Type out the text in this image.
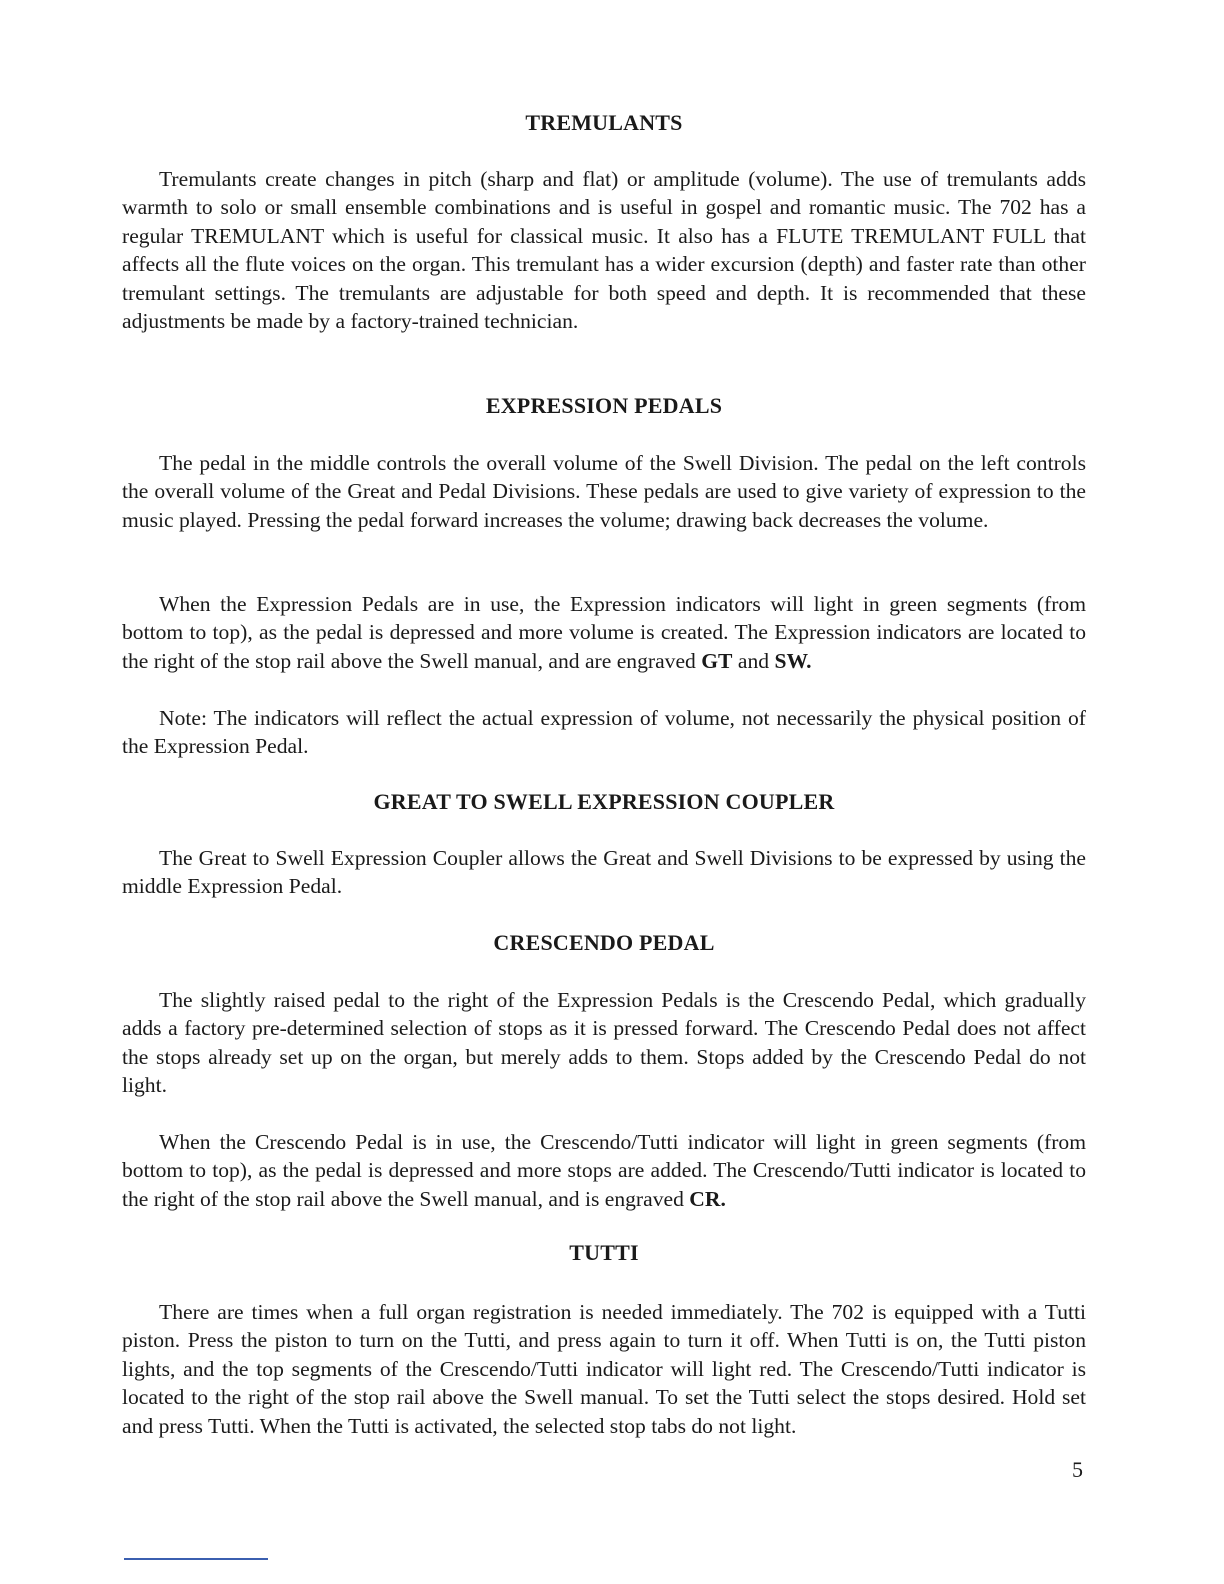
TREMULANTS

Tremulants create changes in pitch (sharp and flat) or amplitude (volume). The use of tremulants adds warmth to solo or small ensemble combinations and is useful in gospel and romantic music. The 702 has a regular TREMULANT which is useful for classical music. It also has a FLUTE TREMULANT FULL that affects all the flute voices on the organ. This tremulant has a wider excursion (depth) and faster rate than other tremulant settings. The tremulants are adjustable for both speed and depth. It is recommended that these adjustments be made by a factory-trained technician.

EXPRESSION PEDALS

The pedal in the middle controls the overall volume of the Swell Division. The pedal on the left controls the overall volume of the Great and Pedal Divisions. These pedals are used to give variety of expression to the music played. Pressing the pedal forward increases the volume; drawing back decreases the volume.

When the Expression Pedals are in use, the Expression indicators will light in green segments (from bottom to top), as the pedal is depressed and more volume is created. The Expression indicators are located to the right of the stop rail above the Swell manual, and are engraved GT and SW.

Note: The indicators will reflect the actual expression of volume, not necessarily the physical position of the Expression Pedal.

GREAT TO SWELL EXPRESSION COUPLER

The Great to Swell Expression Coupler allows the Great and Swell Divisions to be expressed by using the middle Expression Pedal.

CRESCENDO PEDAL

The slightly raised pedal to the right of the Expression Pedals is the Crescendo Pedal, which gradually adds a factory pre-determined selection of stops as it is pressed forward. The Crescendo Pedal does not affect the stops already set up on the organ, but merely adds to them. Stops added by the Crescendo Pedal do not light.

When the Crescendo Pedal is in use, the Crescendo/Tutti indicator will light in green segments (from bottom to top), as the pedal is depressed and more stops are added. The Crescendo/Tutti indicator is located to the right of the stop rail above the Swell manual, and is engraved CR.

TUTTI

There are times when a full organ registration is needed immediately. The 702 is equipped with a Tutti piston. Press the piston to turn on the Tutti, and press again to turn it off. When Tutti is on, the Tutti piston lights, and the top segments of the Crescendo/Tutti indicator will light red. The Crescendo/Tutti indicator is located to the right of the stop rail above the Swell manual. To set the Tutti select the stops desired. Hold set and press Tutti. When the Tutti is activated, the selected stop tabs do not light.

5
